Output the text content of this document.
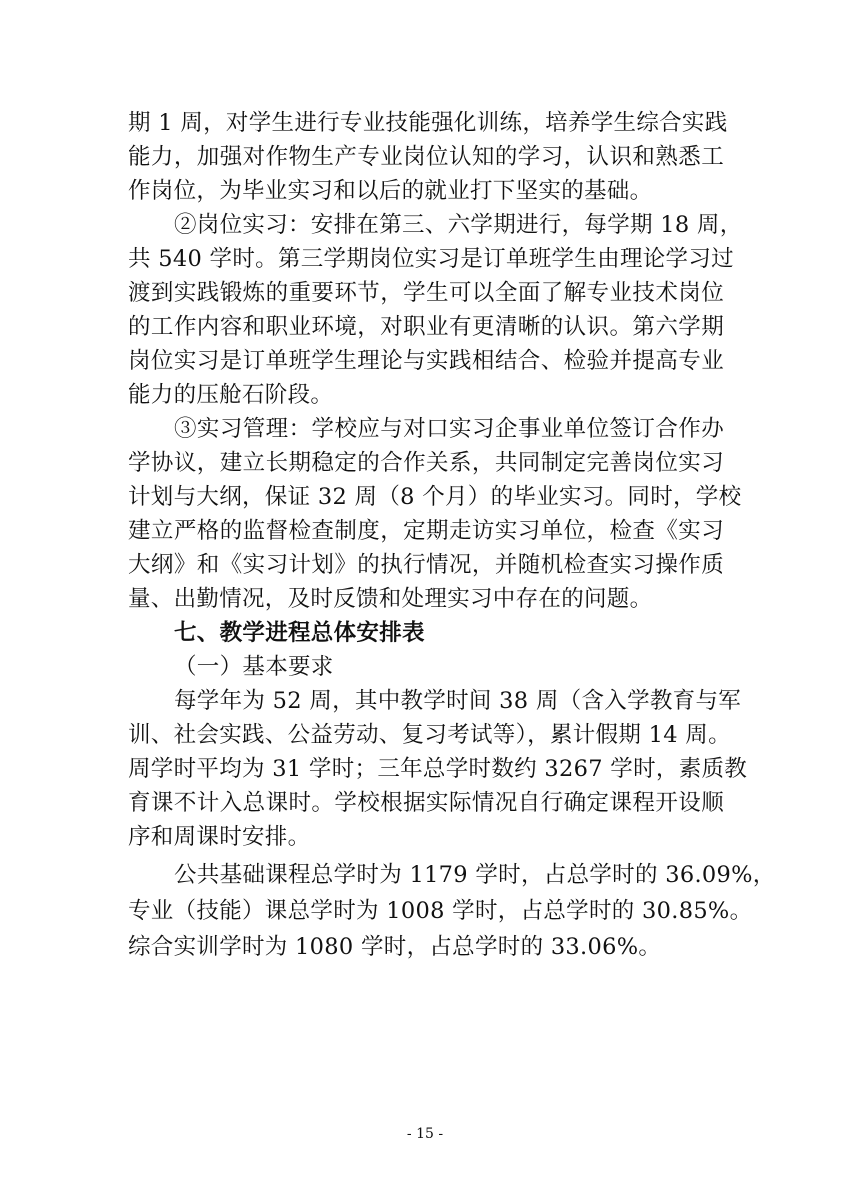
期 1 周，对学生进行专业技能强化训练，培养学生综合实践
能力，加强对作物生产专业岗位认知的学习，认识和熟悉工
作岗位，为毕业实习和以后的就业打下坚实的基础。
②岗位实习：安排在第三、六学期进行，每学期 18 周，
共 540 学时。第三学期岗位实习是订单班学生由理论学习过
渡到实践锻炼的重要环节，学生可以全面了解专业技术岗位
的工作内容和职业环境，对职业有更清晰的认识。第六学期
岗位实习是订单班学生理论与实践相结合、检验并提高专业
能力的压舱石阶段。
③实习管理：学校应与对口实习企事业单位签订合作办
学协议，建立长期稳定的合作关系，共同制定完善岗位实习
计划与大纲，保证 32 周（8 个月）的毕业实习。同时，学校
建立严格的监督检查制度，定期走访实习单位，检查《实习
大纲》和《实习计划》的执行情况，并随机检查实习操作质
量、出勤情况，及时反馈和处理实习中存在的问题。
七、教学进程总体安排表
（一）基本要求
每学年为 52 周，其中教学时间 38 周（含入学教育与军
训、社会实践、公益劳动、复习考试等），累计假期 14 周。
周学时平均为 31 学时；三年总学时数约 3267 学时，素质教
育课不计入总课时。学校根据实际情况自行确定课程开设顺
序和周课时安排。
公共基础课程总学时为 1179 学时，占总学时的 36.09%，
专业（技能）课总学时为 1008 学时，占总学时的 30.85%。
综合实训学时为 1080 学时，占总学时的 33.06%。
- 15 -
